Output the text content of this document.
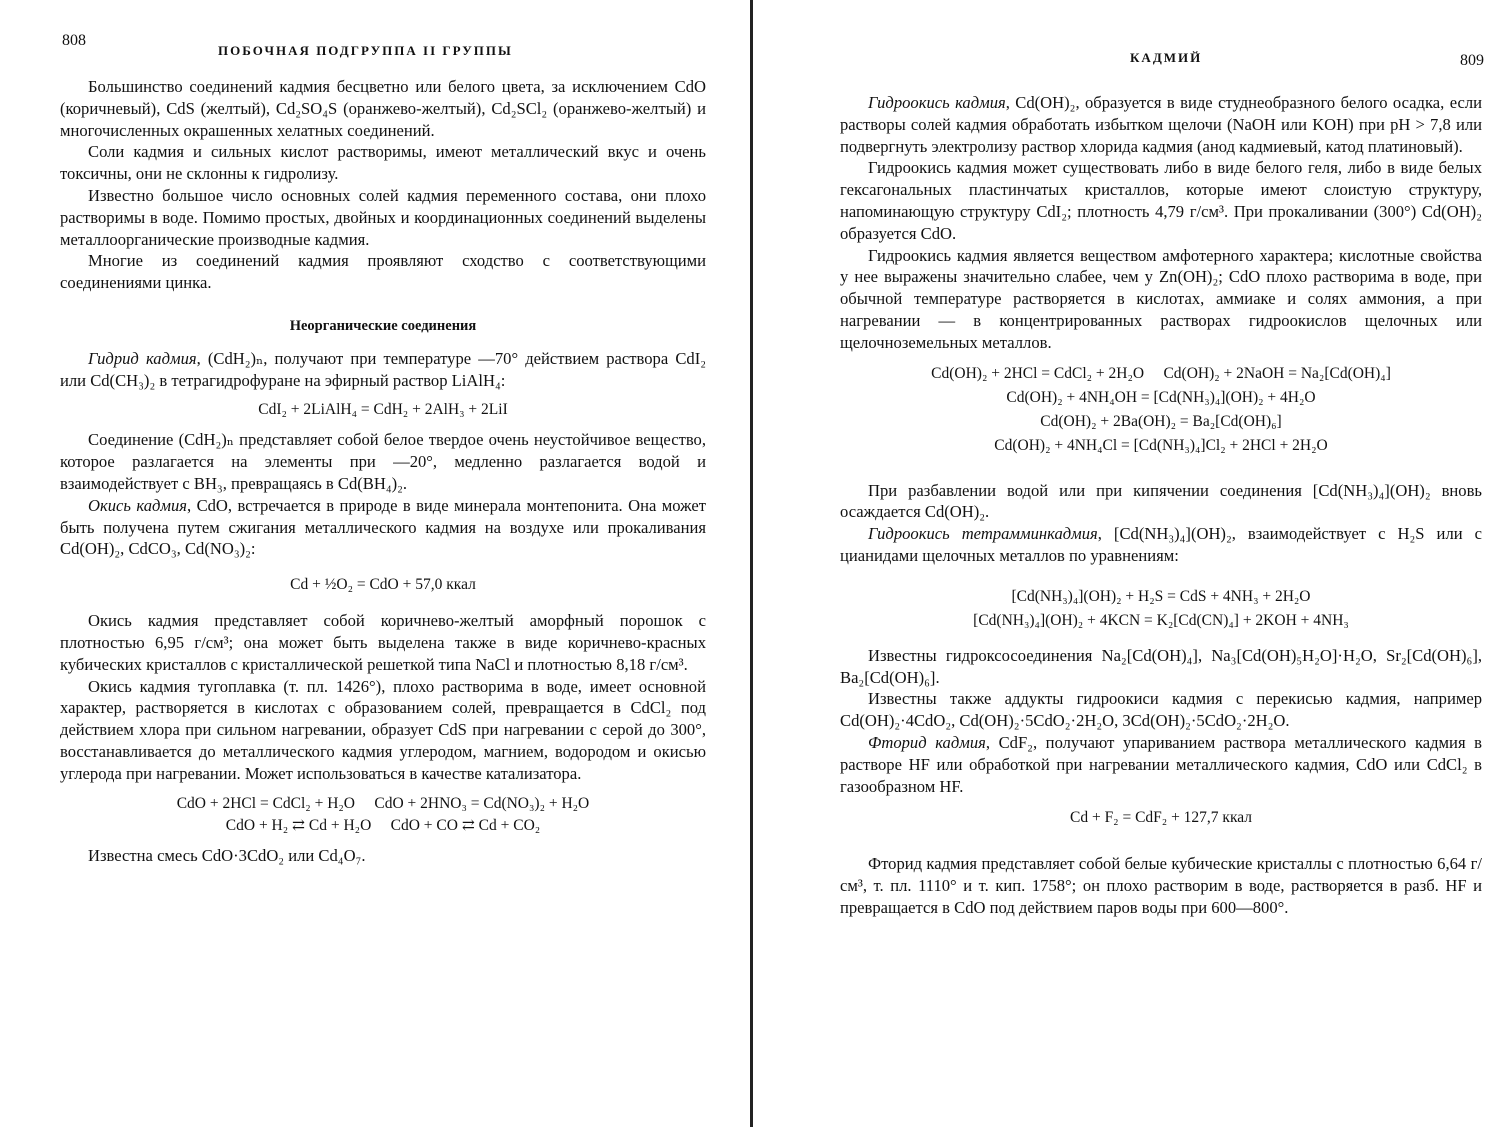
808
ПОБОЧНАЯ ПОДГРУППА II ГРУППЫ

Большинство соединений кадмия бесцветно или белого цвета, за исключением CdO (коричневый), CdS (желтый), Cd₂SO₄S (оранжево-желтый), Cd₂SCl₂ (оранжево-желтый) и многочисленных окрашенных хелатных соединений.

Соли кадмия и сильных кислот растворимы, имеют металлический вкус и очень токсичны, они не склонны к гидролизу.

Известно большое число основных солей кадмия переменного состава, они плохо растворимы в воде. Помимо простых, двойных и координационных соединений выделены металлоорганические производные кадмия.

Многие из соединений кадмия проявляют сходство с соответствующими соединениями цинка.

Неорганические соединения

Гидрид кадмия, (CdH₂)ₙ, получают при температуре —70° действием раствора CdI₂ или Cd(CH₃)₂ в тетрагидрофуране на эфирный раствор LiAlH₄:

CdI₂ + 2LiAlH₄ = CdH₂ + 2AlH₃ + 2LiI

Соединение (CdH₂)ₙ представляет собой белое твердое очень неустойчивое вещество, которое разлагается на элементы при —20°, медленно разлагается водой и взаимодействует с BH₃, превращаясь в Cd(BH₄)₂.

Окись кадмия, CdO, встречается в природе в виде минерала монтепонита. Она может быть получена путем сжигания металлического кадмия на воздухе или прокаливания Cd(OH)₂, CdCO₃, Cd(NO₃)₂:

Cd + ½O₂ = CdO + 57,0 ккал

Окись кадмия представляет собой коричнево-желтый аморфный порошок с плотностью 6,95 г/см³; она может быть выделена также в виде коричнево-красных кубических кристаллов с кристаллической решеткой типа NaCl и плотностью 8,18 г/см³.

Окись кадмия тугоплавка (т. пл. 1426°), плохо растворима в воде, имеет основной характер, растворяется в кислотах с образованием солей, превращается в CdCl₂ под действием хлора при сильном нагревании, образует CdS при нагревании с серой до 300°, восстанавливается до металлического кадмия углеродом, магнием, водородом и окисью углерода при нагревании. Может использоваться в качестве катализатора.

CdO + 2HCl = CdCl₂ + H₂O     CdO + 2HNO₃ = Cd(NO₃)₂ + H₂O
CdO + H₂ ⇄ Cd + H₂O     CdO + CO ⇄ Cd + CO₂

Известна смесь CdO·3CdO₂ или Cd₄O₇.

КАДМИЙ	809

Гидроокись кадмия, Cd(OH)₂, образуется в виде студнеобразного белого осадка, если растворы солей кадмия обработать избытком щелочи (NaOH или KOH) при pH > 7,8 или подвергнуть электролизу раствор хлорида кадмия (анод кадмиевый, катод платиновый).

Гидроокись кадмия может существовать либо в виде белого геля, либо в виде белых гексагональных пластинчатых кристаллов, которые имеют слоистую структуру, напоминающую структуру CdI₂; плотность 4,79 г/см³. При прокаливании (300°) Cd(OH)₂ образуется CdO.

Гидроокись кадмия является веществом амфотерного характера; кислотные свойства у нее выражены значительно слабее, чем у Zn(OH)₂; CdO плохо растворима в воде, при обычной температуре растворяется в кислотах, аммиаке и солях аммония, а при нагревании — в концентрированных растворах гидроокислов щелочных или щелочноземельных металлов.

Cd(OH)₂ + 2HCl = CdCl₂ + 2H₂O     Cd(OH)₂ + 2NaOH = Na₂[Cd(OH)₄]
Cd(OH)₂ + 4NH₄OH = [Cd(NH₃)₄](OH)₂ + 4H₂O
Cd(OH)₂ + 2Ba(OH)₂ = Ba₂[Cd(OH)₆]
Cd(OH)₂ + 4NH₄Cl = [Cd(NH₃)₄]Cl₂ + 2HCl + 2H₂O

При разбавлении водой или при кипячении соединения [Cd(NH₃)₄](OH)₂ вновь осаждается Cd(OH)₂.

Гидроокись тетрамминкадмия, [Cd(NH₃)₄](OH)₂, взаимодействует с H₂S или с цианидами щелочных металлов по уравнениям:

[Cd(NH₃)₄](OH)₂ + H₂S = CdS + 4NH₃ + 2H₂O
[Cd(NH₃)₄](OH)₂ + 4KCN = K₂[Cd(CN)₄] + 2KOH + 4NH₃

Известны гидроксосоединения Na₂[Cd(OH)₄], Na₃[Cd(OH)₅H₂O]·H₂O, Sr₂[Cd(OH)₆], Ba₂[Cd(OH)₆].

Известны также аддукты гидроокиси кадмия с перекисью кадмия, например Cd(OH)₂·4CdO₂, Cd(OH)₂·5CdO₂·2H₂O, 3Cd(OH)₂·5CdO₂·2H₂O.

Фторид кадмия, CdF₂, получают упариванием раствора металлического кадмия в растворе HF или обработкой при нагревании металлического кадмия, CdO или CdCl₂ в газообразном HF.

Cd + F₂ = CdF₂ + 127,7 ккал

Фторид кадмия представляет собой белые кубические кристаллы с плотностью 6,64 г/см³, т. пл. 1110° и т. кип. 1758°; он плохо растворим в воде, растворяется в разб. HF и превращается в CdO под действием паров воды при 600—800°.
